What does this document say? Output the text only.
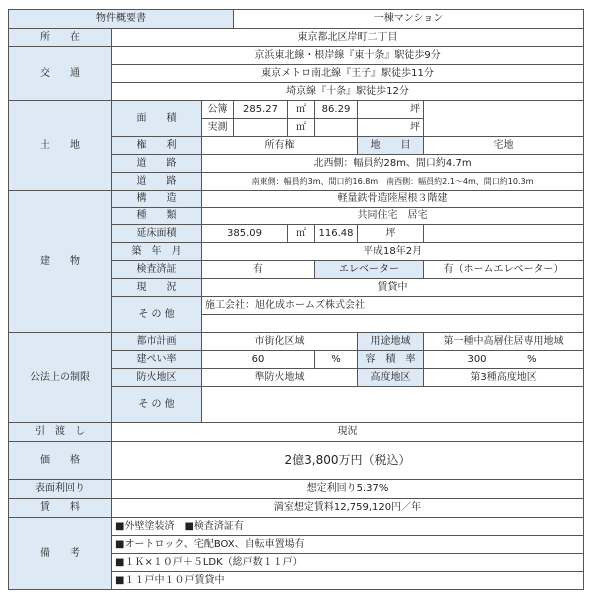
物件概要書			一棟マンション				
所　　在	東京都北区岸町二丁目						
交　　通	京浜東北線・根岸線『東十条』駅徒歩9分						
	東京メトロ南北線『王子』駅徒歩11分						
	埼京線『十条』駅徒歩12分						
土　　地	面　　積	公簿	285.27	㎡	86.29	坪	
		実測		㎡		坪	
	権　　利	所有権				地　　目	宅地
	道　　路	北西側：幅員約28m、間口約4.7m					
	道　　路	南東側：幅員約3m、間口約16.8m　南西側：幅員約2.1～4m、間口約10.3m					
建　　物	構　　造	軽量鉄骨造陸屋根３階建					
	種　　類	共同住宅　居宅					
	延床面積	385.09		㎡	116.48	坪	
	築　年　月	平成18年2月					
	検査済証	有			エレベーター		有（ホームエレベーター）
	現　　況	賃貸中					
	そ の 他	施工会社：旭化成ホームズ株式会社					

公法上の制限	都市計画	市街化区域				用途地域	第一種中高層住居専用地域
	建ぺい率	60			%	容　積　率	300 %
	防火地区	準防火地域				高度地区	第3種高度地区
	そ の 他						

引　渡　し	現況						
価　　格	2億3,800万円（税込）						
表面利回り	想定利回り5.37%						
賃　　料	満室想定賃料12,759,120円／年						
備　　考	■外壁塗装済　■検査済証有						
	■オートロック、宅配BOX、自転車置場有						
	■１Ｋ×１０戸＋５LDK（総戸数１１戸）						
	■１１戸中１０戸賃貸中						
